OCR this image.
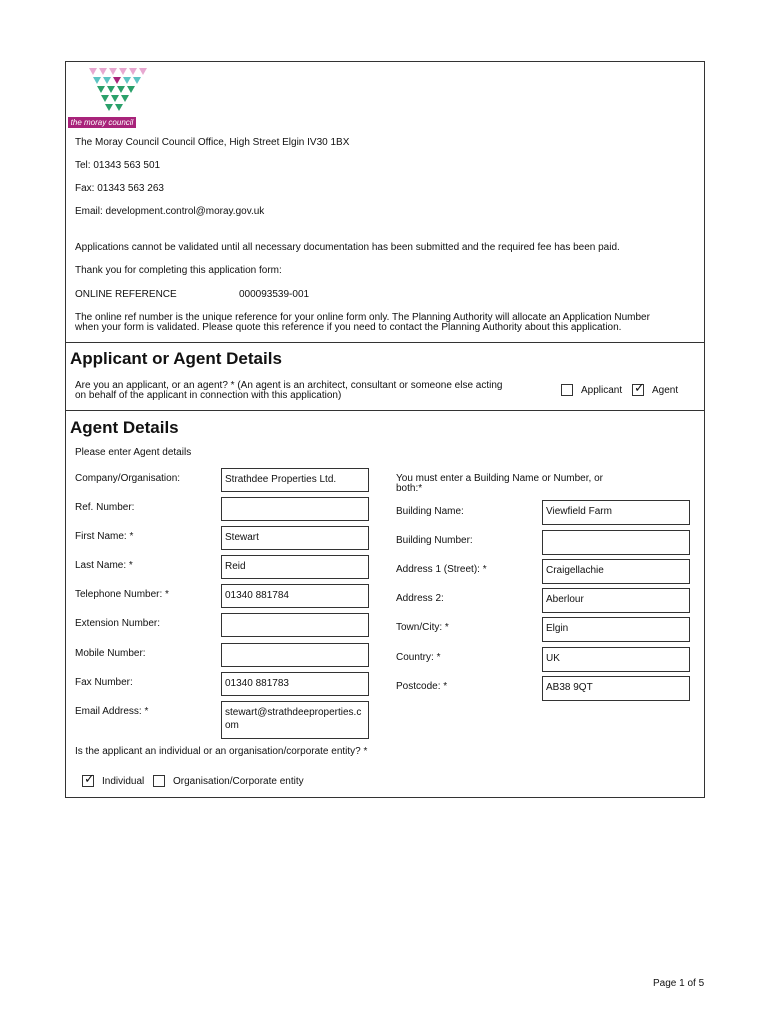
the moray council
The Moray Council Council Office, High Street Elgin IV30 1BX
Tel: 01343 563 501
Fax: 01343 563 263
Email: development.control@moray.gov.uk
Applications cannot be validated until all necessary documentation has been submitted and the required fee has been paid.
Thank you for completing this application form:
ONLINE REFERENCE	000093539-001
The online ref number is the unique reference for your online form only. The Planning Authority will allocate an Application Number
when your form is validated. Please quote this reference if you need to contact the Planning Authority about this application.
Applicant or Agent Details
Are you an applicant, or an agent? * (An agent is an architect, consultant or someone else acting
on behalf of the applicant in connection with this application)	Applicant ✓ Agent
Agent Details
Please enter Agent details
Company/Organisation:	Strathdee Properties Ltd.
Ref. Number:
First Name: *	Stewart
Last Name: *	Reid
Telephone Number: *	01340 881784
Extension Number:
Mobile Number:
Fax Number:	01340 881783
Email Address: *	stewart@strathdeeproperties.c
om
You must enter a Building Name or Number, or
both:*
Building Name:	Viewfield Farm
Building Number:
Address 1 (Street): *	Craigellachie
Address 2:	Aberlour
Town/City: *	Elgin
Country: *	UK
Postcode: *	AB38 9QT
Is the applicant an individual or an organisation/corporate entity? *
✓ Individual	Organisation/Corporate entity
Page 1 of 5
